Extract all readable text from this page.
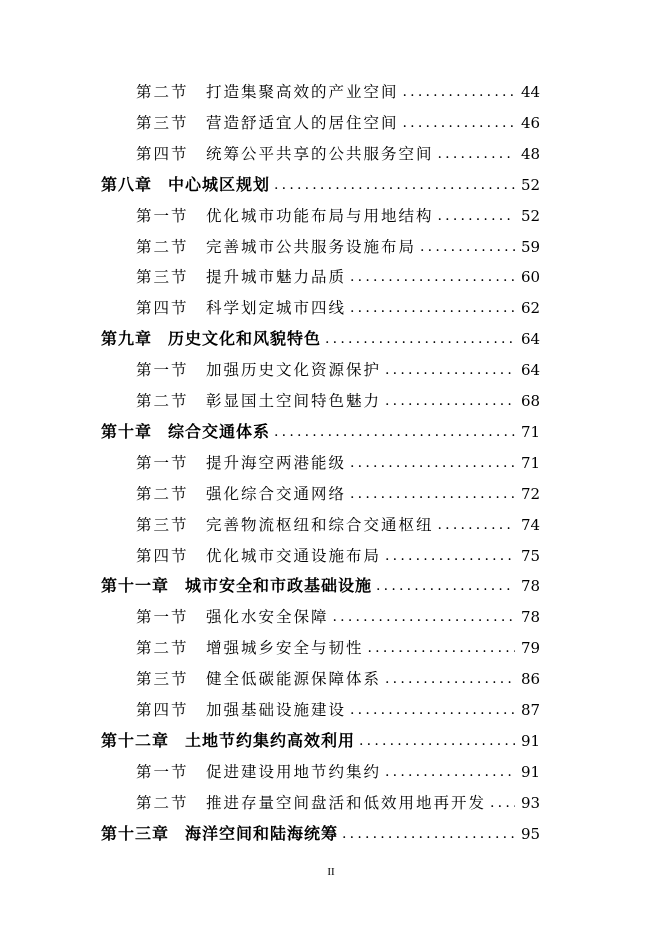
第二节	打造集聚高效的产业空间 .....	44
第三节	营造舒适宜人的居住空间 .....	46
第四节	统筹公平共享的公共服务空间 .....	48
第八章 中心城区规划 .....	52
第一节	优化城市功能布局与用地结构 .....	52
第二节	完善城市公共服务设施布局 .....	59
第三节	提升城市魅力品质 .....	60
第四节	科学划定城市四线 .....	62
第九章 历史文化和风貌特色 .....	64
第一节	加强历史文化资源保护 .....	64
第二节	彰显国土空间特色魅力 .....	68
第十章 综合交通体系 .....	71
第一节	提升海空两港能级 .....	71
第二节	强化综合交通网络 .....	72
第三节	完善物流枢纽和综合交通枢纽 .....	74
第四节	优化城市交通设施布局 .....	75
第十一章 城市安全和市政基础设施 .....	78
第一节	强化水安全保障 .....	78
第二节	增强城乡安全与韧性 .....	79
第三节	健全低碳能源保障体系 .....	86
第四节	加强基础设施建设 .....	87
第十二章 土地节约集约高效利用 .....	91
第一节	促进建设用地节约集约 .....	91
第二节	推进存量空间盘活和低效用地再开发 ..... 93
第十三章 海洋空间和陆海统筹 .....	95
II
